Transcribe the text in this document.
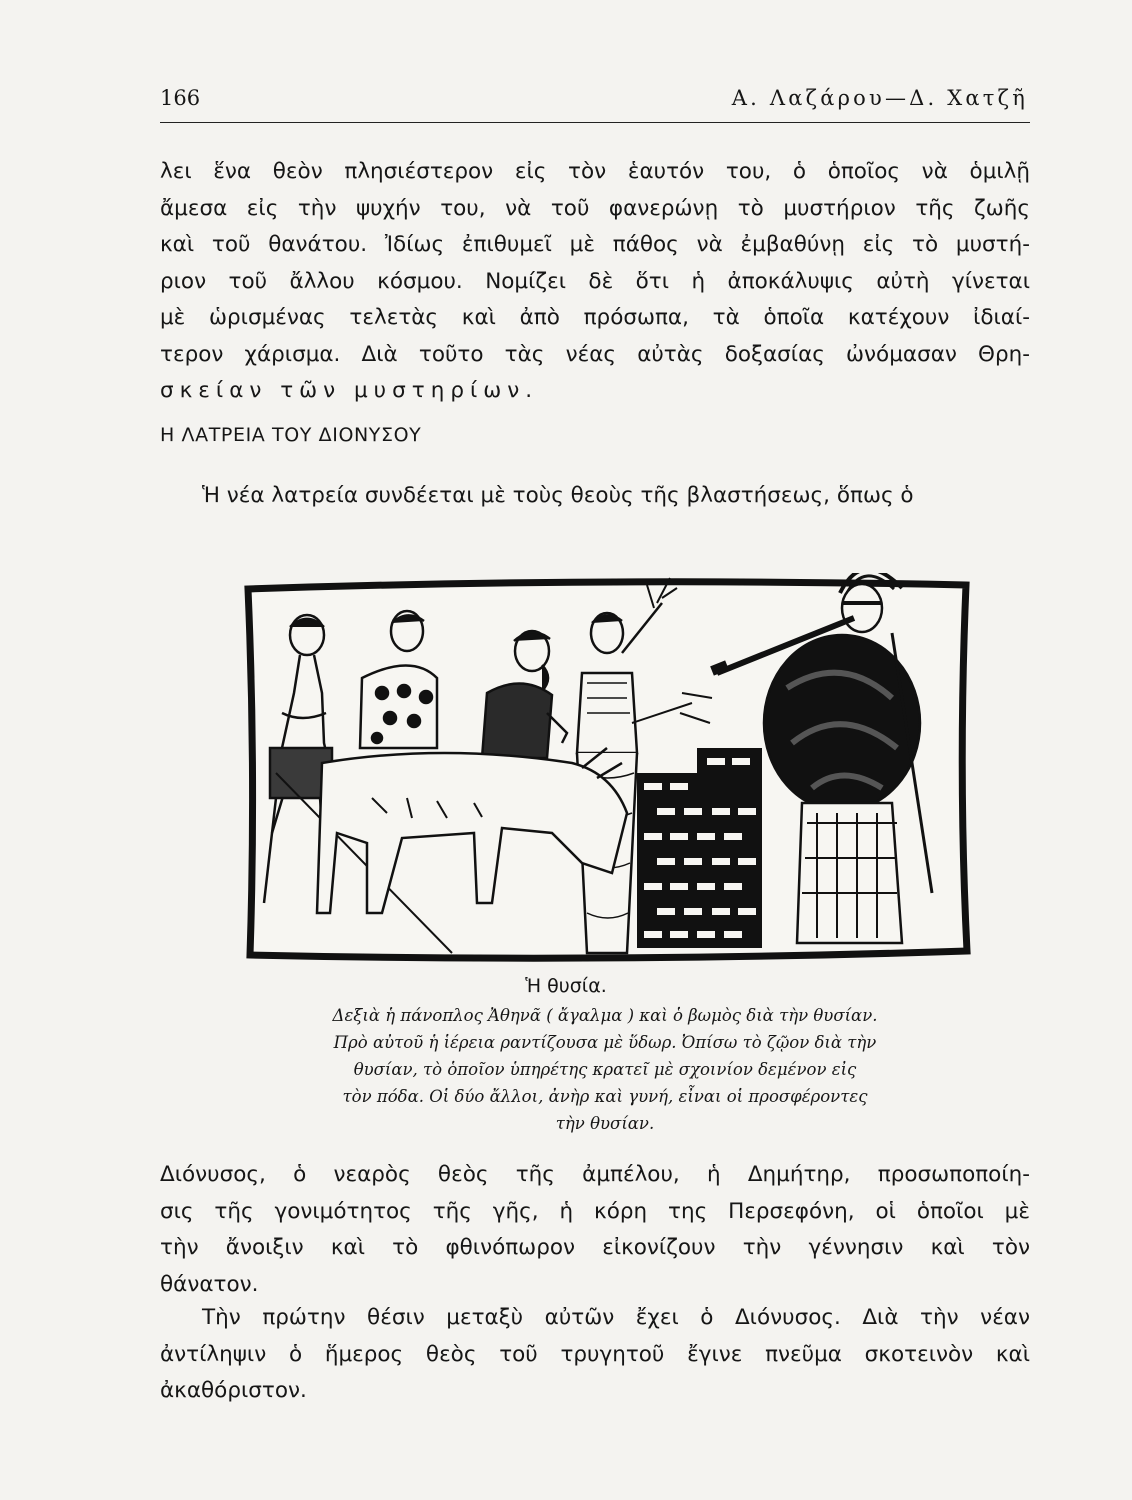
166	Α. Λαζάρου—Δ. Χατζῆ
λει ἕνα θεὸν πλησιέστερον εἰς τὸν ἑαυτόν του, ὁ ὁποῖος νὰ ὁμιλῇ
ἄμεσα εἰς τὴν ψυχήν του, νὰ τοῦ φανερώνῃ τὸ μυστήριον τῆς ζωῆς
καὶ τοῦ θανάτου. Ἰδίως ἐπιθυμεῖ μὲ πάθος νὰ ἐμβαθύνῃ εἰς τὸ μυστή-
ριον τοῦ ἄλλου κόσμου. Νομίζει δὲ ὅτι ἡ ἀποκάλυψις αὐτὴ γίνεται
μὲ ὡρισμένας τελετὰς καὶ ἀπὸ πρόσωπα, τὰ ὁποῖα κατέχουν ἰδιαί-
τερον χάρισμα. Διὰ τοῦτο τὰς νέας αὐτὰς δοξασίας ὠνόμασαν Θρη-
σκείαν τῶν μυστηρίων.
Η ΛΑΤΡΕΙΑ ΤΟΥ ΔΙΟΝΥΣΟΥ
Ἡ νέα λατρεία συνδέεται μὲ τοὺς θεοὺς τῆς βλαστήσεως, ὅπως ὁ
Ἡ θυσία.
Δεξιὰ ἡ πάνοπλος Ἀθηνᾶ ( ἄγαλμα ) καὶ ὁ βωμὸς διὰ τὴν θυσίαν.
Πρὸ αὐτοῦ ἡ ἱέρεια ραντίζουσα μὲ ὕδωρ. Ὀπίσω τὸ ζῷον διὰ τὴν
θυσίαν, τὸ ὁποῖον ὑπηρέτης κρατεῖ μὲ σχοινίον δεμένον εἰς
τὸν πόδα. Οἱ δύο ἄλλοι, ἀνὴρ καὶ γυνή, εἶναι οἱ προσφέροντες
τὴν θυσίαν.
Διόνυσος, ὁ νεαρὸς θεὸς τῆς ἀμπέλου, ἡ Δημήτηρ, προσωποποίη-
σις τῆς γονιμότητος τῆς γῆς, ἡ κόρη της Περσεφόνη, οἱ ὁποῖοι μὲ
τὴν ἄνοιξιν καὶ τὸ φθινόπωρον εἰκονίζουν τὴν γέννησιν καὶ τὸν
θάνατον.
Τὴν πρώτην θέσιν μεταξὺ αὐτῶν ἔχει ὁ Διόνυσος. Διὰ τὴν νέαν
ἀντίληψιν ὁ ἥμερος θεὸς τοῦ τρυγητοῦ ἔγινε πνεῦμα σκοτεινὸν καὶ
ἀκαθόριστον.
